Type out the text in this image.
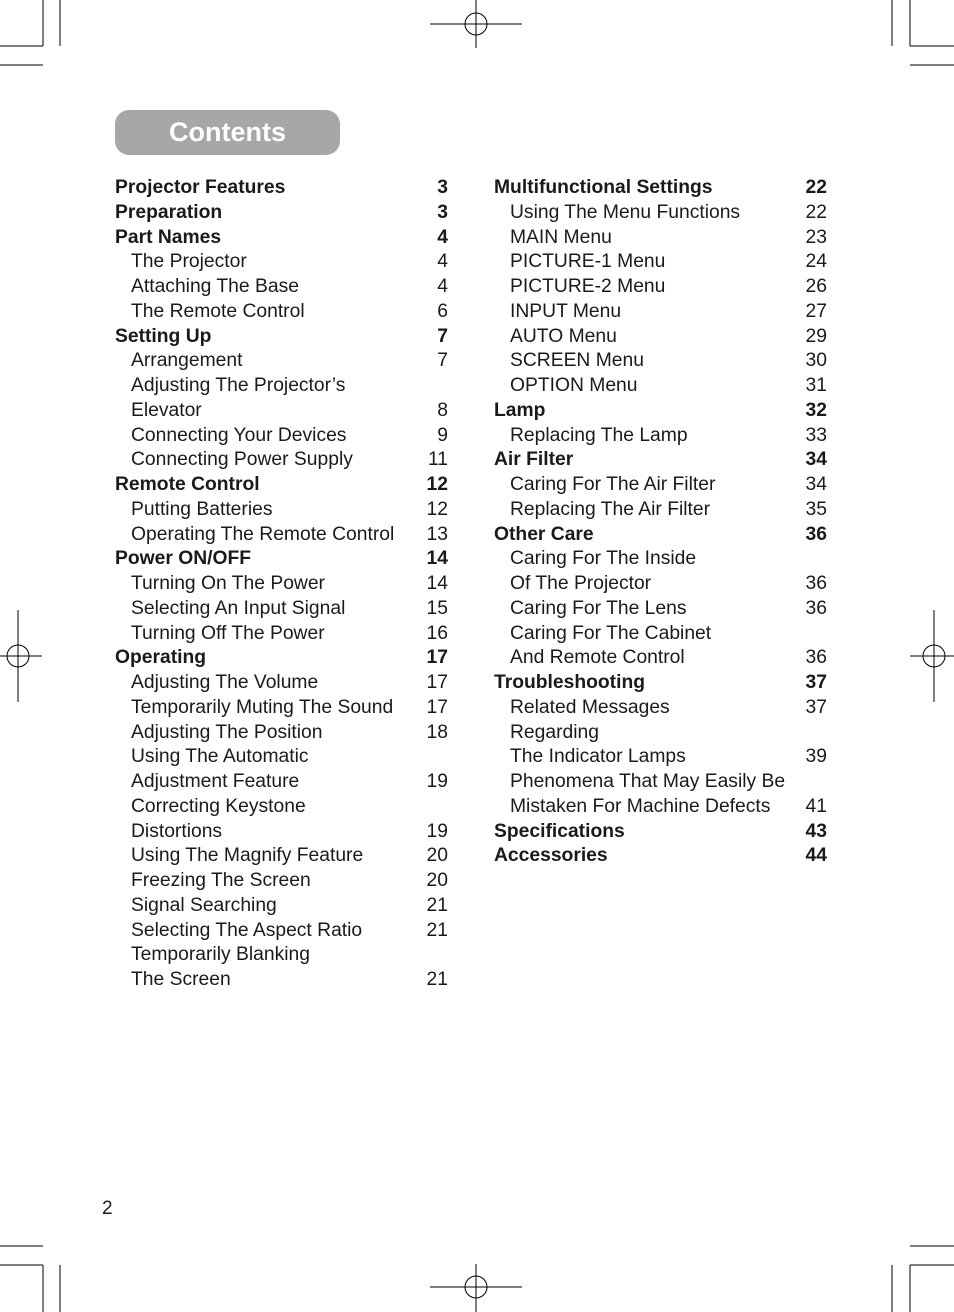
Contents
Projector Features	3
Preparation	3
Part Names	4
The Projector	4
Attaching The Base	4
The Remote Control	6
Setting Up	7
Arrangement	7
Adjusting The Projector’s
Elevator	8
Connecting Your Devices	9
Connecting Power Supply	11
Remote Control	12
Putting Batteries	12
Operating The Remote Control 13
Power ON/OFF	14
Turning On The Power	14
Selecting An Input Signal	15
Turning Off The Power	16
Operating	17
Adjusting The Volume	17
Temporarily Muting The Sound 17
Adjusting The Position	18
Using The Automatic
Adjustment Feature	19
Correcting Keystone
Distortions	19
Using The Magnify Feature	20
Freezing The Screen	20
Signal Searching	21
Selecting The Aspect Ratio	21
Temporarily Blanking
The Screen	21
Multifunctional Settings	22
Using The Menu Functions	22
MAIN Menu	23
PICTURE-1 Menu	24
PICTURE-2 Menu	26
INPUT Menu	27
AUTO Menu	29
SCREEN Menu	30
OPTION Menu	31
Lamp	32
Replacing The Lamp	33
Air Filter	34
Caring For The Air Filter	34
Replacing The Air Filter	35
Other Care	36
Caring For The Inside
Of The Projector	36
Caring For The Lens	36
Caring For The Cabinet
And Remote Control	36
Troubleshooting	37
Related Messages	37
Regarding
The Indicator Lamps	39
Phenomena That May Easily Be
Mistaken For Machine Defects 41
Specifications	43
Accessories	44
2
